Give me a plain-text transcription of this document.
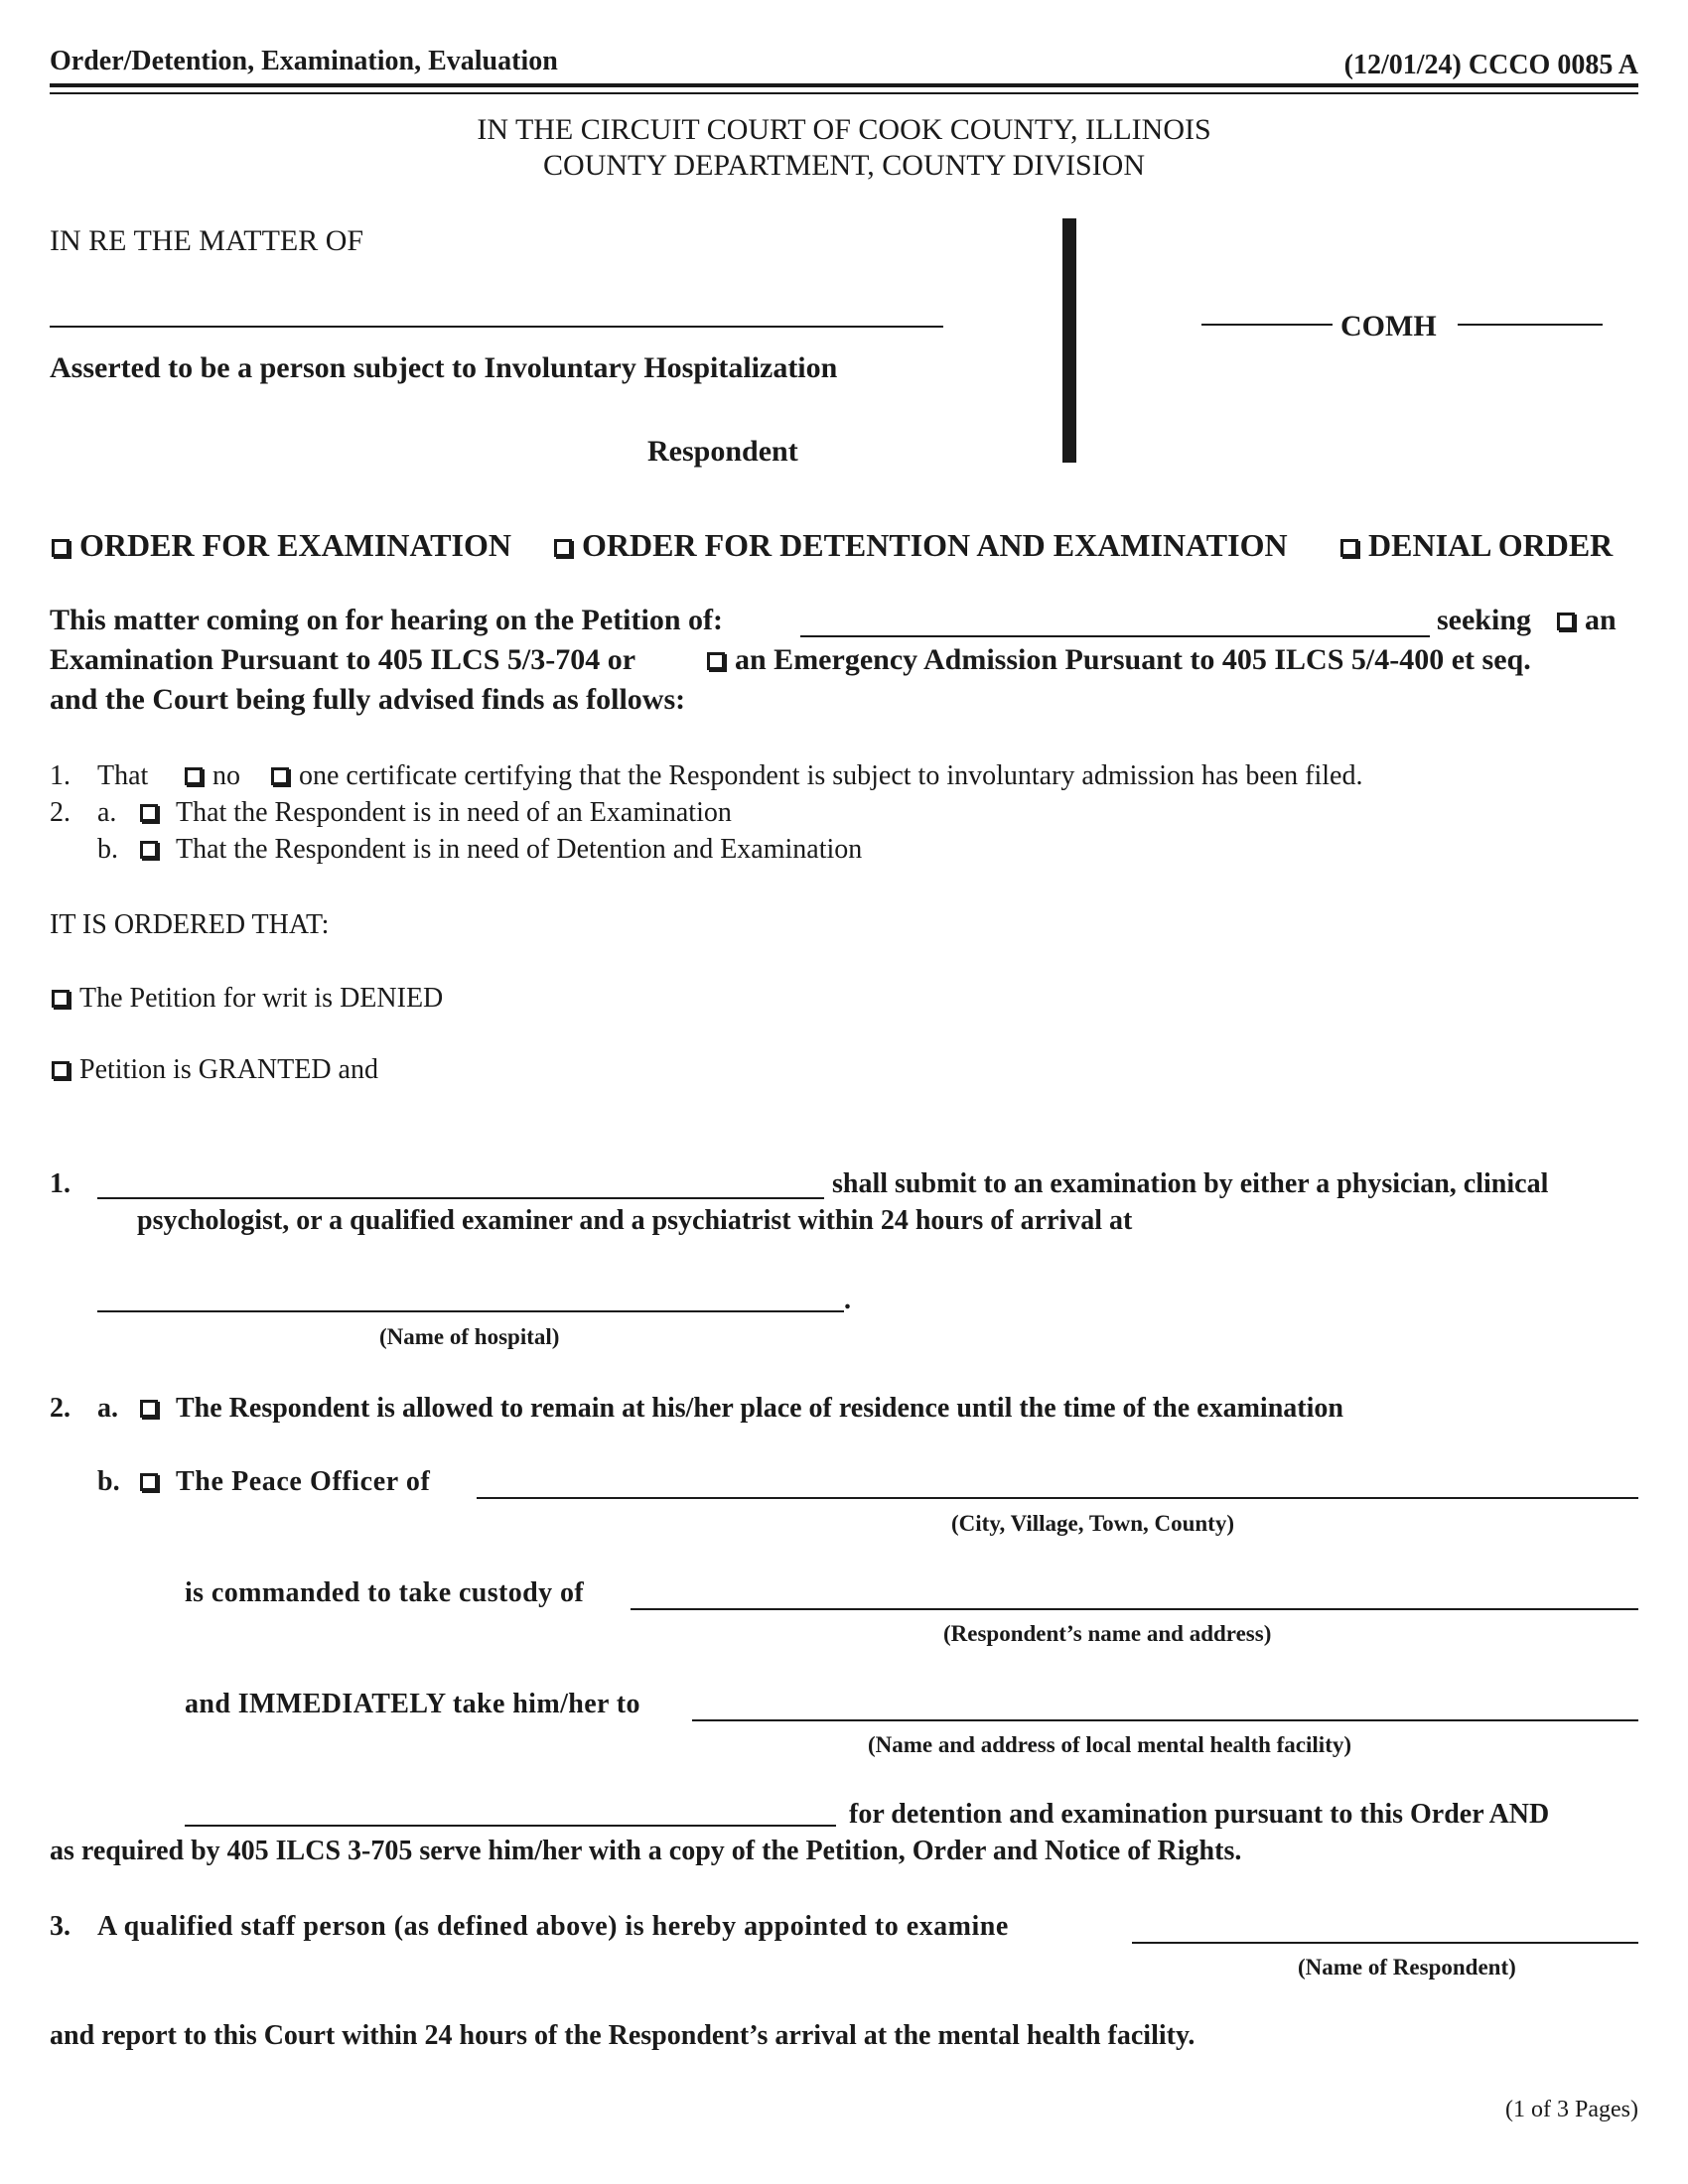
Order/Detention, Examination, Evaluation	(12/01/24) CCCO 0085 A
IN THE CIRCUIT COURT OF COOK COUNTY, ILLINOIS
COUNTY DEPARTMENT, COUNTY DIVISION
IN RE THE MATTER OF
Asserted to be a person subject to Involuntary Hospitalization
Respondent
COMH
ORDER FOR EXAMINATION	ORDER FOR DETENTION AND EXAMINATION	DENIAL ORDER
This matter coming on for hearing on the Petition of:	seeking	an
Examination Pursuant to 405 ILCS 5/3-704 or	an Emergency Admission Pursuant to 405 ILCS 5/4-400 et seq.
and the Court being fully advised finds as follows:
1. That	no	one certificate certifying that the Respondent is subject to involuntary admission has been filed.
2. a.	That the Respondent is in need of an Examination
b.	That the Respondent is in need of Detention and Examination
IT IS ORDERED THAT:
The Petition for writ is DENIED
Petition is GRANTED and
1.	shall submit to an examination by either a physician, clinical
psychologist, or a qualified examiner and a psychiatrist within 24 hours of arrival at
.
(Name of hospital)
2. a.	The Respondent is allowed to remain at his/her place of residence until the time of the examination
b.	The Peace Officer of
(City, Village, Town, County)
is commanded to take custody of
(Respondent’s name and address)
and IMMEDIATELY take him/her to
(Name and address of local mental health facility)
for detention and examination pursuant to this Order AND
as required by 405 ILCS 3-705 serve him/her with a copy of the Petition, Order and Notice of Rights.
3. A qualified staff person (as defined above) is hereby appointed to examine
(Name of Respondent)
and report to this Court within 24 hours of the Respondent’s arrival at the mental health facility.
(1 of 3 Pages)
